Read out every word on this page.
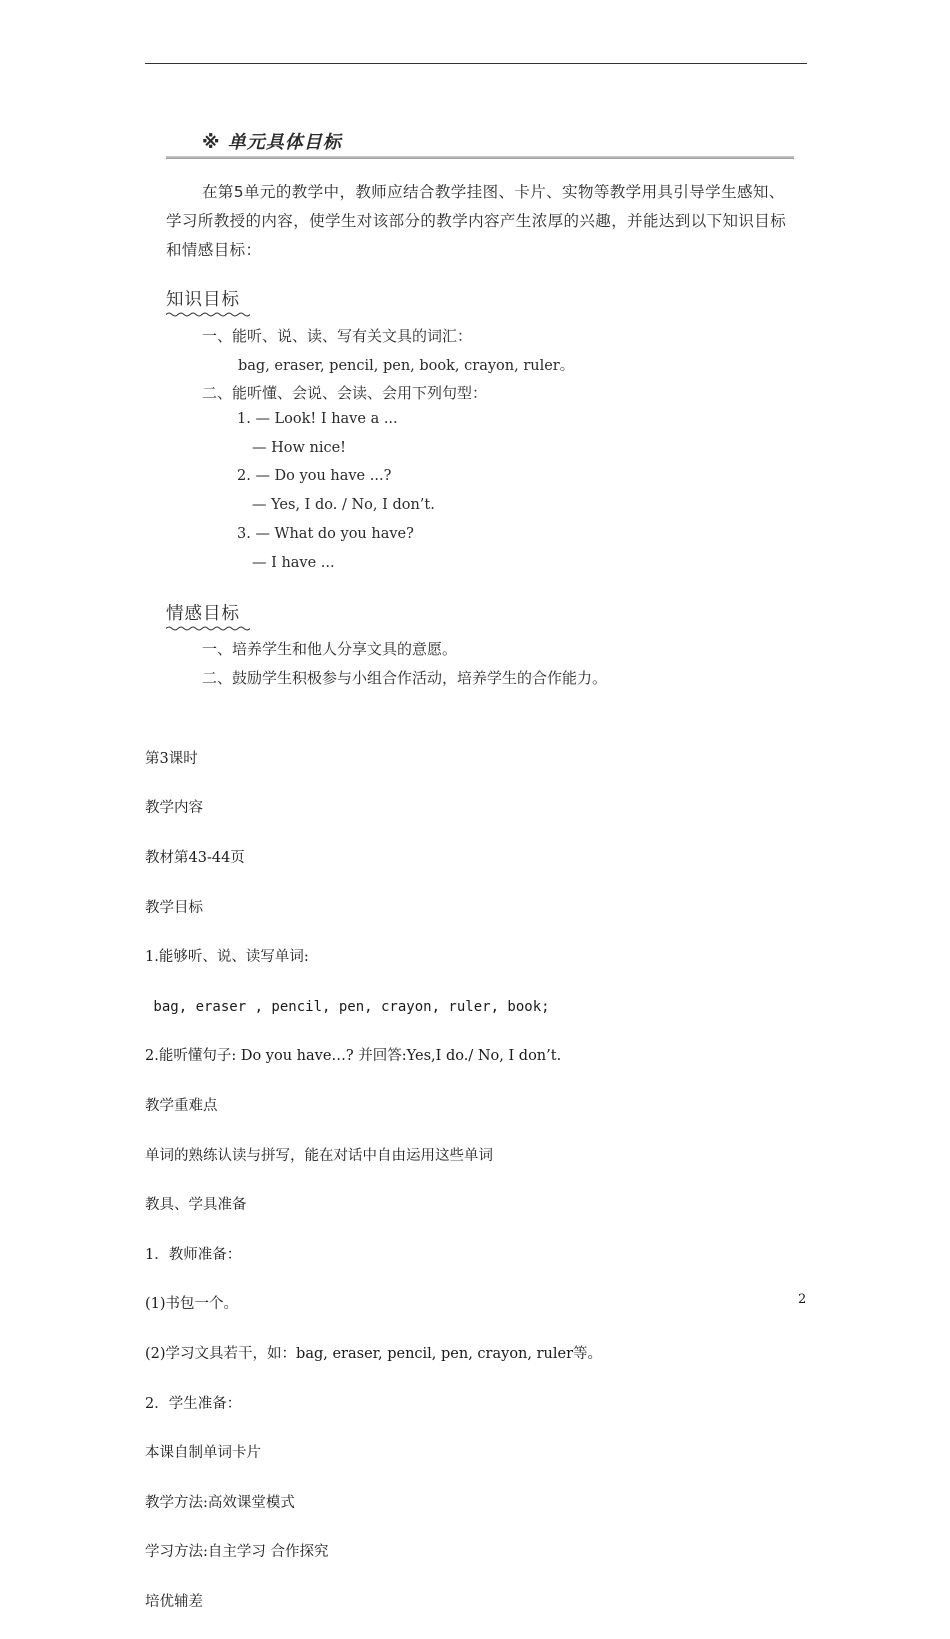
※ 单元具体目标
在第5单元的教学中，教师应结合教学挂图、卡片、实物等教学用具引导学生感知、学习所教授的内容，使学生对该部分的教学内容产生浓厚的兴趣，并能达到以下知识目标和情感目标：
知识目标
一、能听、说、读、写有关文具的词汇：
bag, eraser, pencil, pen, book, crayon, ruler。
二、能听懂、会说、会读、会用下列句型：
1. — Look! I have a ...
— How nice!
2. — Do you have ...?
— Yes, I do. / No, I don’t.
3. — What do you have?
— I have ...
情感目标
一、培养学生和他人分享文具的意愿。
二、鼓励学生积极参与小组合作活动，培养学生的合作能力。

第3课时

教学内容

教材第43-44页

教学目标

1.能够听、说、读写单词:

bag, eraser , pencil, pen, crayon, ruler, book;

2.能听懂句子: Do you have…? 并回答:Yes,I do./ No, I don’t.

教学重难点

单词的熟练认读与拼写，能在对话中自由运用这些单词

教具、学具准备

1．教师准备：

(1)书包一个。

(2)学习文具若干，如：bag, eraser, pencil, pen, crayon, ruler等。

2．学生准备：

本课自制单词卡片

教学方法:高效课堂模式

学习方法:自主学习 合作探究

培优辅差

2
